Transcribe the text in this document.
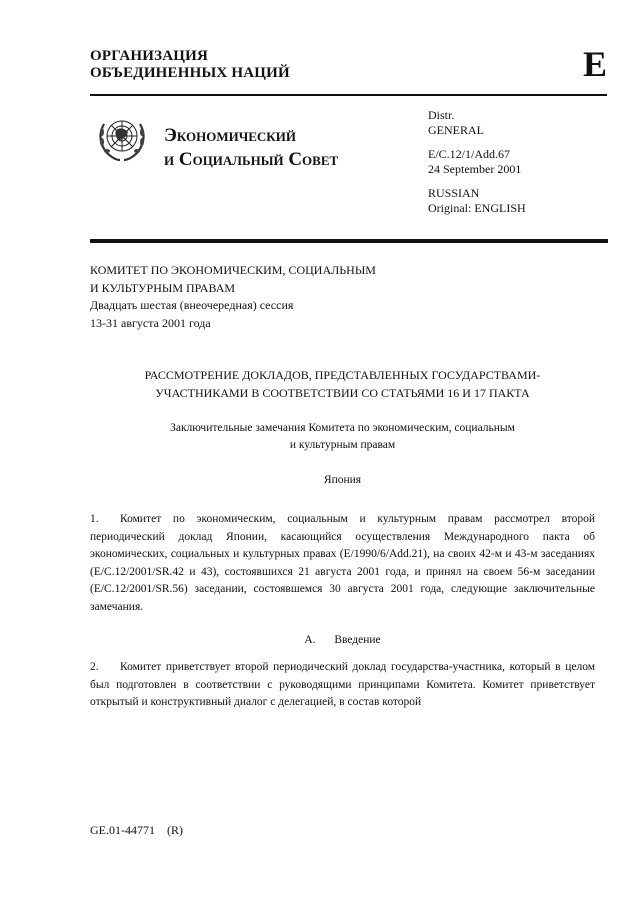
ОРГАНИЗАЦИЯ
ОБЪЕДИНЕННЫХ НАЦИЙ	E
Экономический
и Социальный Совет
Distr.
GENERAL
E/C.12/1/Add.67
24 September 2001
RUSSIAN
Original: ENGLISH
КОМИТЕТ ПО ЭКОНОМИЧЕСКИМ, СОЦИАЛЬНЫМ
И КУЛЬТУРНЫМ ПРАВАМ
Двадцать шестая (внеочередная) сессия
13-31 августа 2001 года
РАССМОТРЕНИЕ ДОКЛАДОВ, ПРЕДСТАВЛЕННЫХ ГОСУДАРСТВАМИ-
УЧАСТНИКАМИ В СООТВЕТСТВИИ СО СТАТЬЯМИ 16 И 17 ПАКТА
Заключительные замечания Комитета по экономическим, социальным
и культурным правам
Япония
1. Комитет по экономическим, социальным и культурным правам рассмотрел второй периодический доклад Японии, касающийся осуществления Международного пакта об экономических, социальных и культурных правах (E/1990/6/Add.21), на своих 42-м и 43-м заседаниях (E/C.12/2001/SR.42 и 43), состоявшихся 21 августа 2001 года, и принял на своем 56-м заседании (E/C.12/2001/SR.56) заседании, состоявшемся 30 августа 2001 года, следующие заключительные замечания.
A. Введение
2. Комитет приветствует второй периодический доклад государства-участника, который в целом был подготовлен в соответствии с руководящими принципами Комитета. Комитет приветствует открытый и конструктивный диалог с делегацией, в состав которой
GE.01-44771    (R)
